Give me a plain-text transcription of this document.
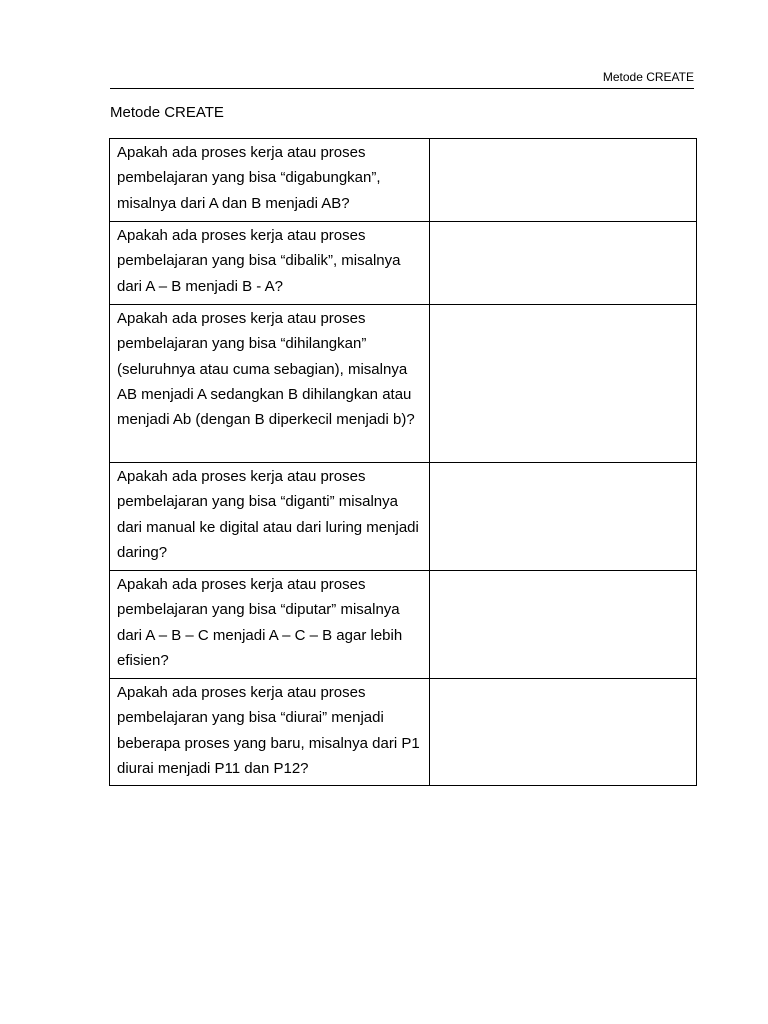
Metode CREATE
Metode CREATE
Apakah ada proses kerja atau proses pembelajaran yang bisa “digabungkan”, misalnya dari A dan B menjadi AB?	

Apakah ada proses kerja atau proses pembelajaran yang bisa “dibalik”, misalnya dari A – B menjadi B - A?	

Apakah ada proses kerja atau proses pembelajaran yang bisa “dihilangkan” (seluruhnya atau cuma sebagian), misalnya AB menjadi A sedangkan B dihilangkan atau menjadi Ab (dengan B diperkecil menjadi b)?	

Apakah ada proses kerja atau proses pembelajaran yang bisa “diganti” misalnya dari manual ke digital atau dari luring menjadi daring?	

Apakah ada proses kerja atau proses pembelajaran yang bisa “diputar” misalnya dari A – B – C menjadi A – C – B agar lebih efisien?	

Apakah ada proses kerja atau proses pembelajaran yang bisa “diurai” menjadi beberapa proses yang baru, misalnya dari P1 diurai menjadi P11 dan P12?	
